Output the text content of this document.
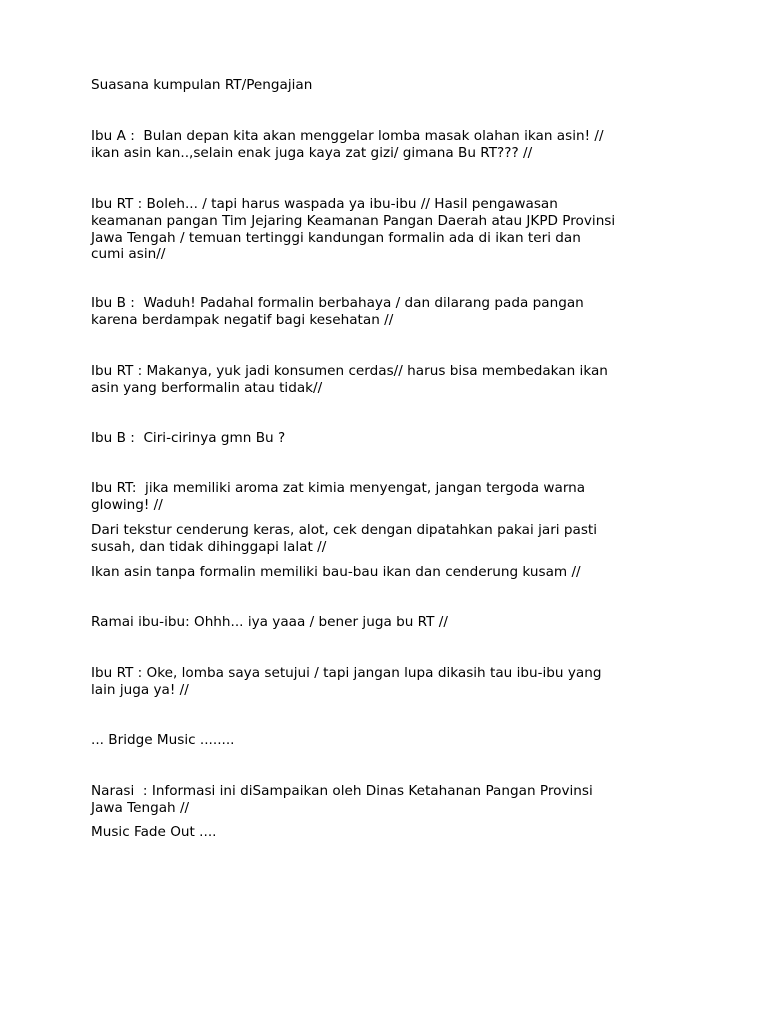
Suasana kumpulan RT/Pengajian

Ibu A :  Bulan depan kita akan menggelar lomba masak olahan ikan asin! //
ikan asin kan..,selain enak juga kaya zat gizi/ gimana Bu RT??? //

Ibu RT : Boleh... / tapi harus waspada ya ibu-ibu // Hasil pengawasan
keamanan pangan Tim Jejaring Keamanan Pangan Daerah atau JKPD Provinsi
Jawa Tengah / temuan tertinggi kandungan formalin ada di ikan teri dan
cumi asin//

Ibu B :  Waduh! Padahal formalin berbahaya / dan dilarang pada pangan
karena berdampak negatif bagi kesehatan //

Ibu RT : Makanya, yuk jadi konsumen cerdas// harus bisa membedakan ikan
asin yang berformalin atau tidak//

Ibu B :  Ciri-cirinya gmn Bu ?

Ibu RT:  jika memiliki aroma zat kimia menyengat, jangan tergoda warna
glowing! //

Dari tekstur cenderung keras, alot, cek dengan dipatahkan pakai jari pasti
susah, dan tidak dihinggapi lalat //

Ikan asin tanpa formalin memiliki bau-bau ikan dan cenderung kusam //

Ramai ibu-ibu: Ohhh... iya yaaa / bener juga bu RT //

Ibu RT : Oke, lomba saya setujui / tapi jangan lupa dikasih tau ibu-ibu yang
lain juga ya! //

... Bridge Music ........

Narasi  : Informasi ini diSampaikan oleh Dinas Ketahanan Pangan Provinsi
Jawa Tengah //

Music Fade Out ....
